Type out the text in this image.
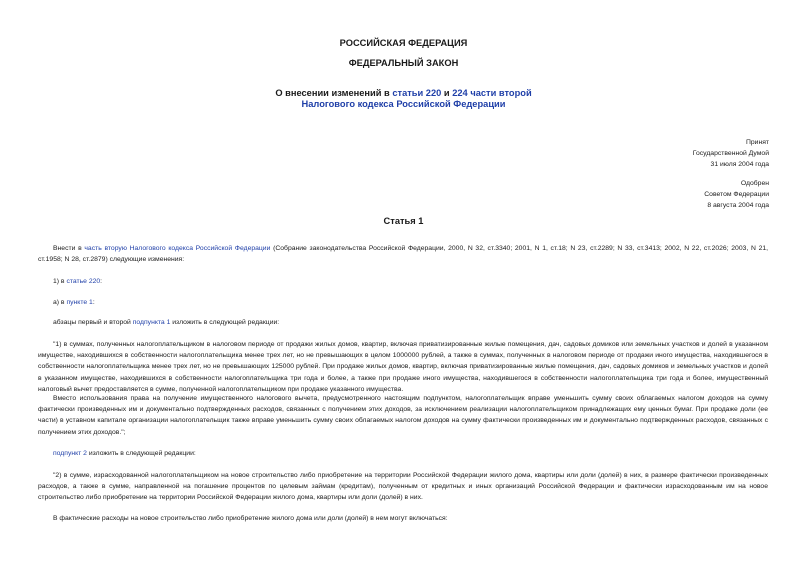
РОССИЙСКАЯ ФЕДЕРАЦИЯ
ФЕДЕРАЛЬНЫЙ ЗАКОН
О внесении изменений в статьи 220 и 224 части второй
Налогового кодекса Российской Федерации
Принят
Государственной Думой
31 июля 2004 года
Одобрен
Советом Федерации
8 августа 2004 года
Статья 1
Внести в часть вторую Налогового кодекса Российской Федерации (Собрание законодательства Российской Федерации, 2000, N 32, ст.3340; 2001, N 1, ст.18; N 23, ст.2289; N 33, ст.3413; 2002, N 22, ст.2026; 2003, N 21, ст.1958; N 28, ст.2879) следующие изменения:
1) в статье 220:
а) в пункте 1:
абзацы первый и второй подпункта 1 изложить в следующей редакции:
"1) в суммах, полученных налогоплательщиком в налоговом периоде от продажи жилых домов, квартир, включая приватизированные жилые помещения, дач, садовых домиков или земельных участков и долей в указанном имуществе, находившихся в собственности налогоплательщика менее трех лет, но не превышающих в целом 1000000 рублей, а также в суммах, полученных в налоговом периоде от продажи иного имущества, находившегося в собственности налогоплательщика менее трех лет, но не превышающих 125000 рублей. При продаже жилых домов, квартир, включая приватизированные жилые помещения, дач, садовых домиков и земельных участков и долей в указанном имуществе, находившихся в собственности налогоплательщика три года и более, а также при продаже иного имущества, находившегося в собственности налогоплательщика три года и более, имущественный налоговый вычет предоставляется в сумме, полученной налогоплательщиком при продаже указанного имущества.
Вместо использования права на получение имущественного налогового вычета, предусмотренного настоящим подпунктом, налогоплательщик вправе уменьшить сумму своих облагаемых налогом доходов на сумму фактически произведенных им и документально подтвержденных расходов, связанных с получением этих доходов, за исключением реализации налогоплательщиком принадлежащих ему ценных бумаг. При продаже доли (ее части) в уставном капитале организации налогоплательщик также вправе уменьшить сумму своих облагаемых налогом доходов на сумму фактически произведенных им и документально подтвержденных расходов, связанных с получением этих доходов.";
подпункт 2 изложить в следующей редакции:
"2) в сумме, израсходованной налогоплательщиком на новое строительство либо приобретение на территории Российской Федерации жилого дома, квартиры или доли (долей) в них, в размере фактически произведенных расходов, а также в сумме, направленной на погашение процентов по целевым займам (кредитам), полученным от кредитных и иных организаций Российской Федерации и фактически израсходованным им на новое строительство либо приобретение на территории Российской Федерации жилого дома, квартиры или доли (долей) в них.
В фактические расходы на новое строительство либо приобретение жилого дома или доли (долей) в нем могут включаться:
